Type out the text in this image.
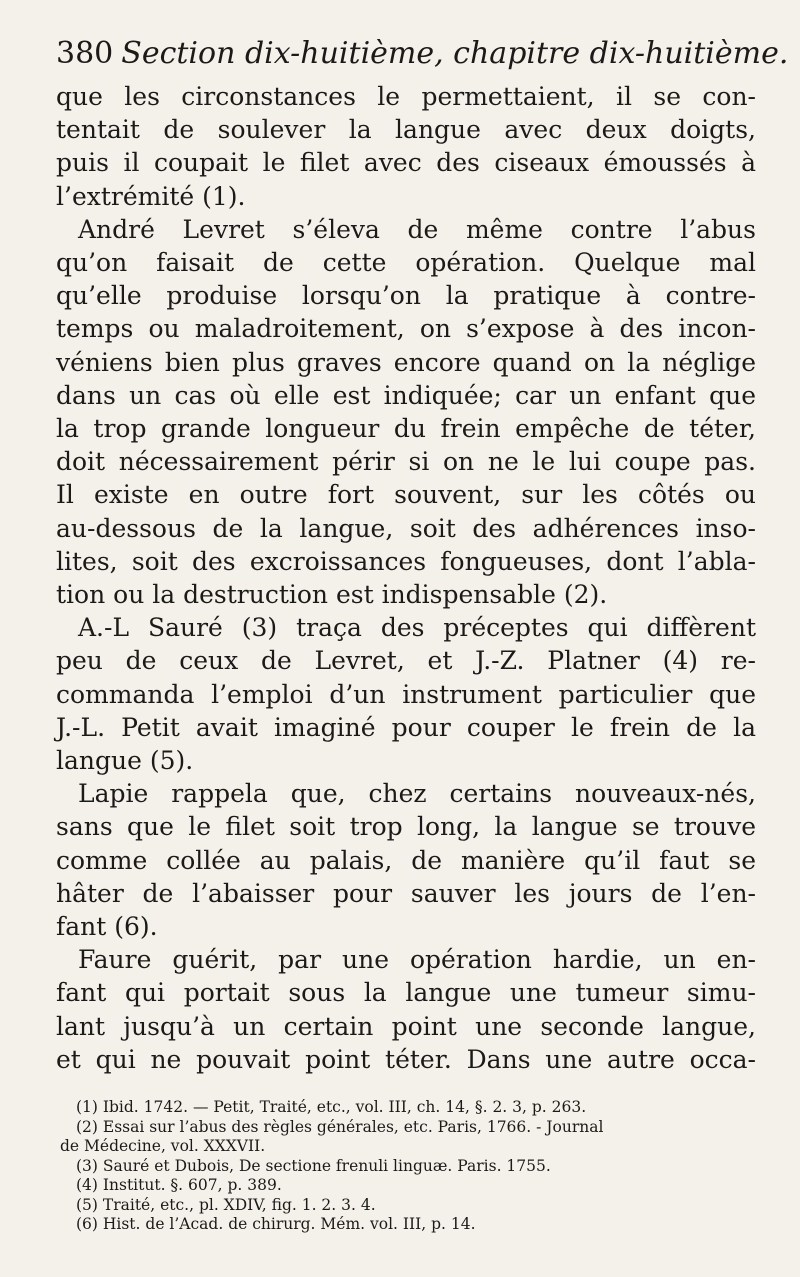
380 Section dix-huitième, chapitre dix-huitième.
que les circonstances le permettaient, il se con-
tentait de soulever la langue avec deux doigts,
puis il coupait le filet avec des ciseaux émoussés à
l’extrémité (1).
André Levret s’éleva de même contre l’abus
qu’on faisait de cette opération. Quelque mal
qu’elle produise lorsqu’on la pratique à contre-
temps ou maladroitement, on s’expose à des incon-
véniens bien plus graves encore quand on la néglige
dans un cas où elle est indiquée; car un enfant que
la trop grande longueur du frein empêche de téter,
doit nécessairement périr si on ne le lui coupe pas.
Il existe en outre fort souvent, sur les côtés ou
au-dessous de la langue, soit des adhérences inso-
lites, soit des excroissances fongueuses, dont l’abla-
tion ou la destruction est indispensable (2).
A.-L Sauré (3) traça des préceptes qui diffèrent
peu de ceux de Levret, et J.-Z. Platner (4) re-
commanda l’emploi d’un instrument particulier que
J.-L. Petit avait imaginé pour couper le frein de la
langue (5).
Lapie rappela que, chez certains nouveaux-nés,
sans que le filet soit trop long, la langue se trouve
comme collée au palais, de manière qu’il faut se
hâter de l’abaisser pour sauver les jours de l’en-
fant (6).
Faure guérit, par une opération hardie, un en-
fant qui portait sous la langue une tumeur simu-
lant jusqu’à un certain point une seconde langue,
et qui ne pouvait point téter. Dans une autre occa-
(1) Ibid. 1742. — Petit, Traité, etc., vol. III, ch. 14, §. 2. 3, p. 263.
(2) Essai sur l’abus des règles générales, etc. Paris, 1766. - Journal
de Médecine, vol. XXXVII.
(3) Sauré et Dubois, De sectione frenuli linguæ. Paris. 1755.
(4) Institut. §. 607, p. 389.
(5) Traité, etc., pl. XDIV, fig. 1. 2. 3. 4.
(6) Hist. de l’Acad. de chirurg. Mém. vol. III, p. 14.
